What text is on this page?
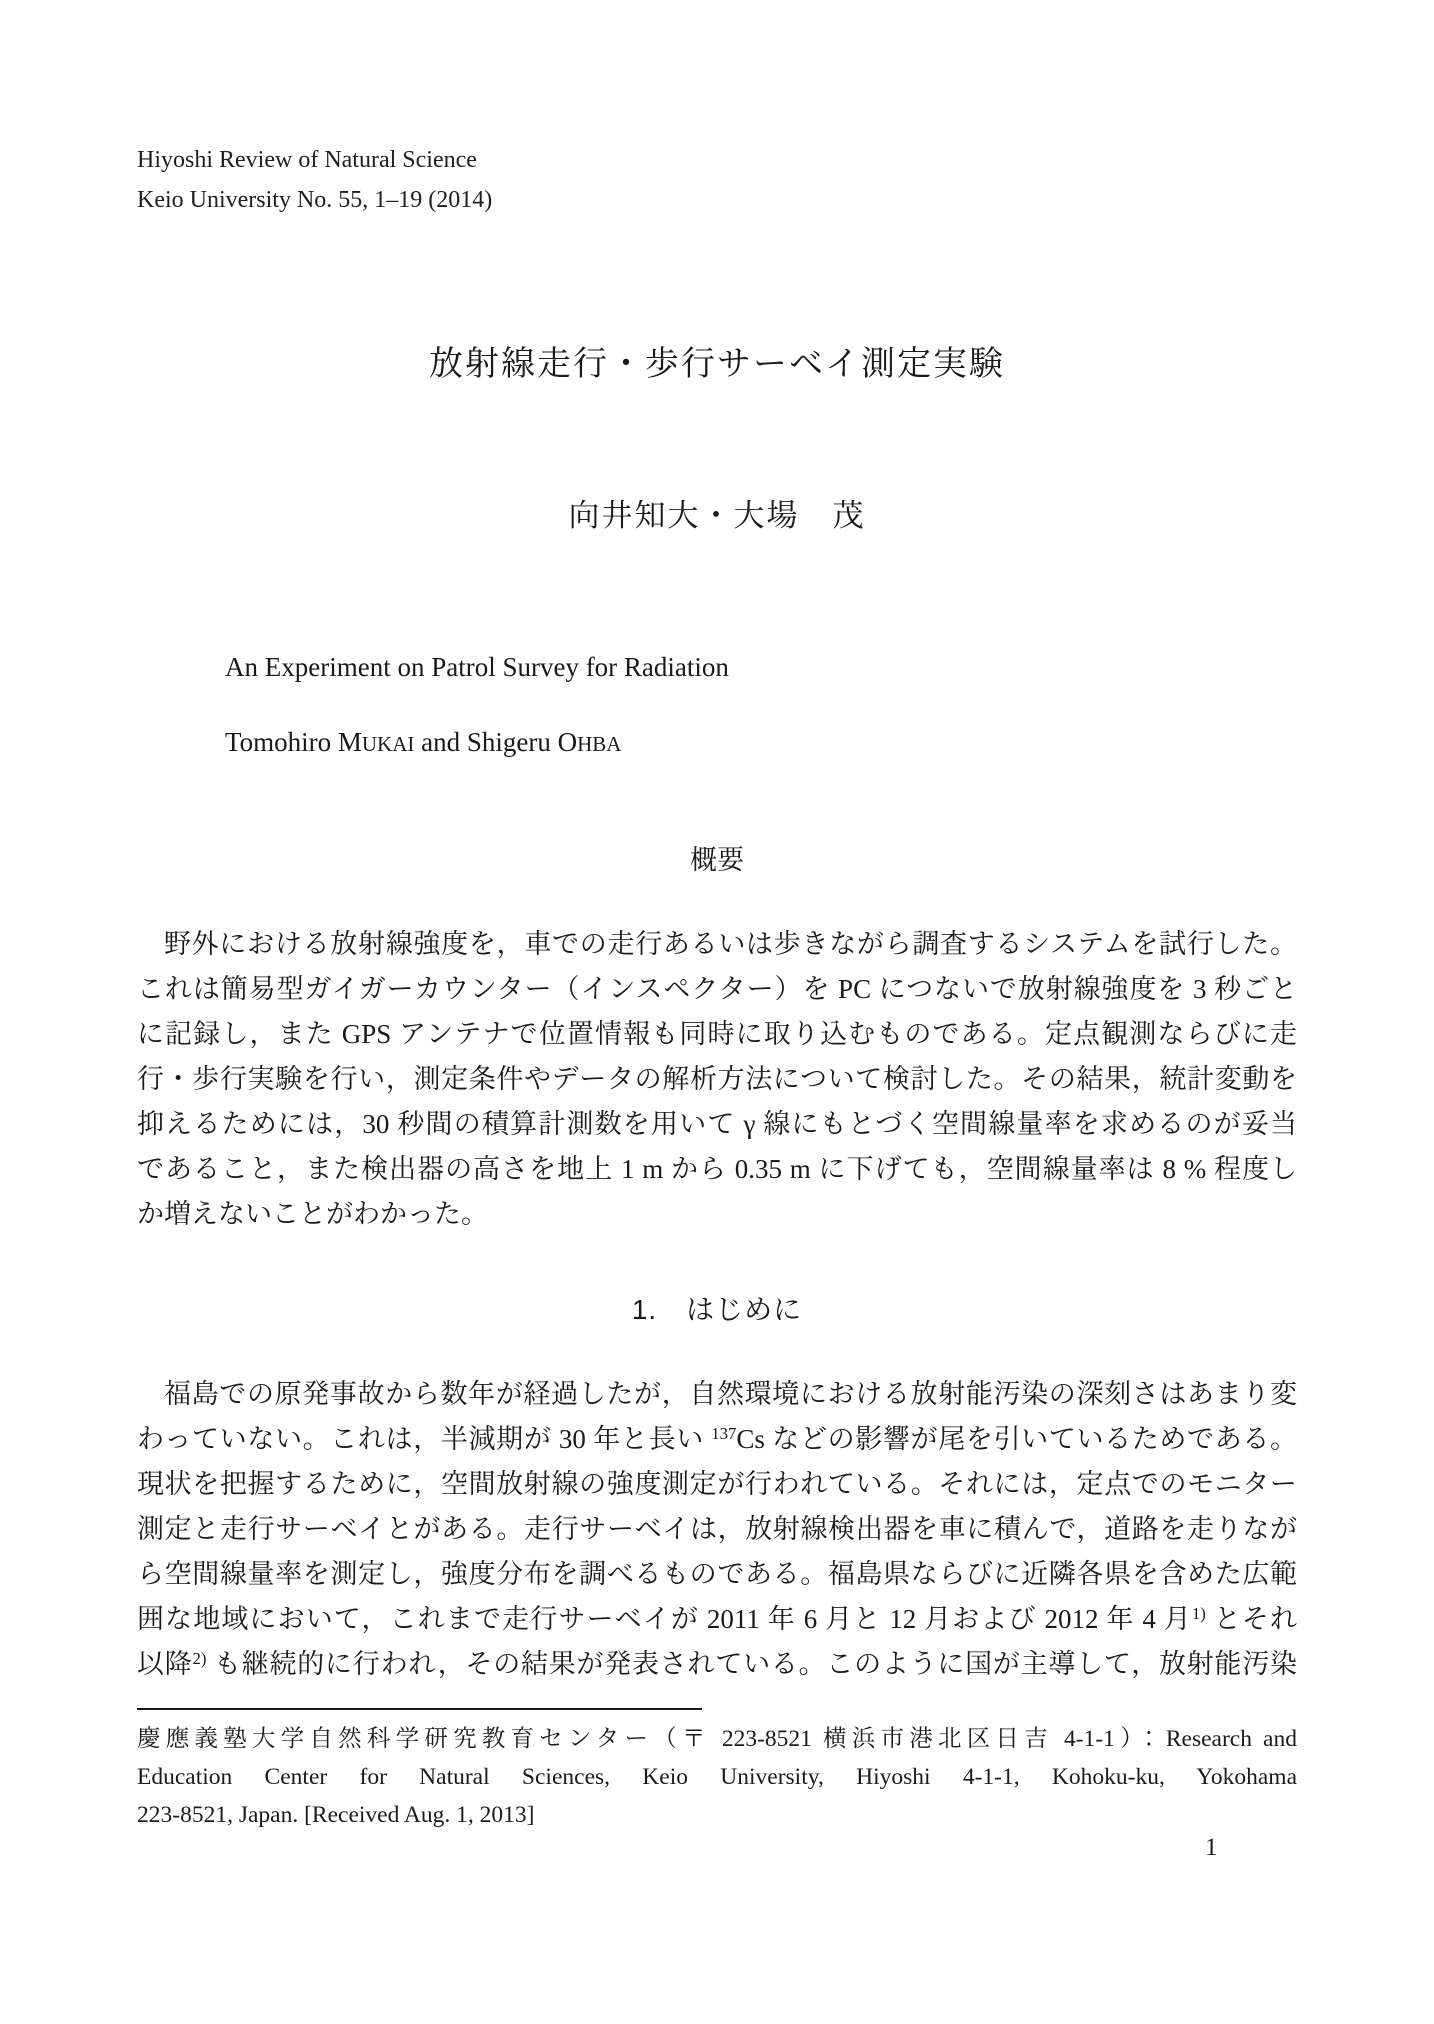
Hiyoshi Review of Natural Science
Keio University No. 55, 1–19 (2014)
放射線走行・歩行サーベイ測定実験
向井知大・大場　茂
An Experiment on Patrol Survey for Radiation
Tomohiro MUKAI and Shigeru OHBA
概要
野外における放射線強度を，車での走行あるいは歩きながら調査するシステムを試行した。
これは簡易型ガイガーカウンター（インスペクター）を PC につないで放射線強度を 3 秒ごと
に記録し，また GPS アンテナで位置情報も同時に取り込むものである。定点観測ならびに走
行・歩行実験を行い，測定条件やデータの解析方法について検討した。その結果，統計変動を
抑えるためには，30 秒間の積算計測数を用いて γ 線にもとづく空間線量率を求めるのが妥当
であること，また検出器の高さを地上 1 m から 0.35 m に下げても，空間線量率は 8 % 程度し
か増えないことがわかった。
1.　はじめに
福島での原発事故から数年が経過したが，自然環境における放射能汚染の深刻さはあまり変
わっていない。これは，半減期が 30 年と長い $^{137}$Cs などの影響が尾を引いているためである。
現状を把握するために，空間放射線の強度測定が行われている。それには，定点でのモニター
測定と走行サーベイとがある。走行サーベイは，放射線検出器を車に積んで，道路を走りなが
ら空間線量率を測定し，強度分布を調べるものである。福島県ならびに近隣各県を含めた広範
囲な地域において，これまで走行サーベイが 2011 年 6 月と 12 月および 2012 年 4 月$^{1)}$ とそれ
以降$^{2)}$ も継続的に行われ，その結果が発表されている。このように国が主導して，放射能汚染
慶應義塾大学自然科学研究教育センター（〒 223-8521 横浜市港北区日吉 4-1-1）：Research and
Education Center for Natural Sciences, Keio University, Hiyoshi 4-1-1, Kohoku-ku, Yokohama
223-8521, Japan. [Received Aug. 1, 2013]
1
